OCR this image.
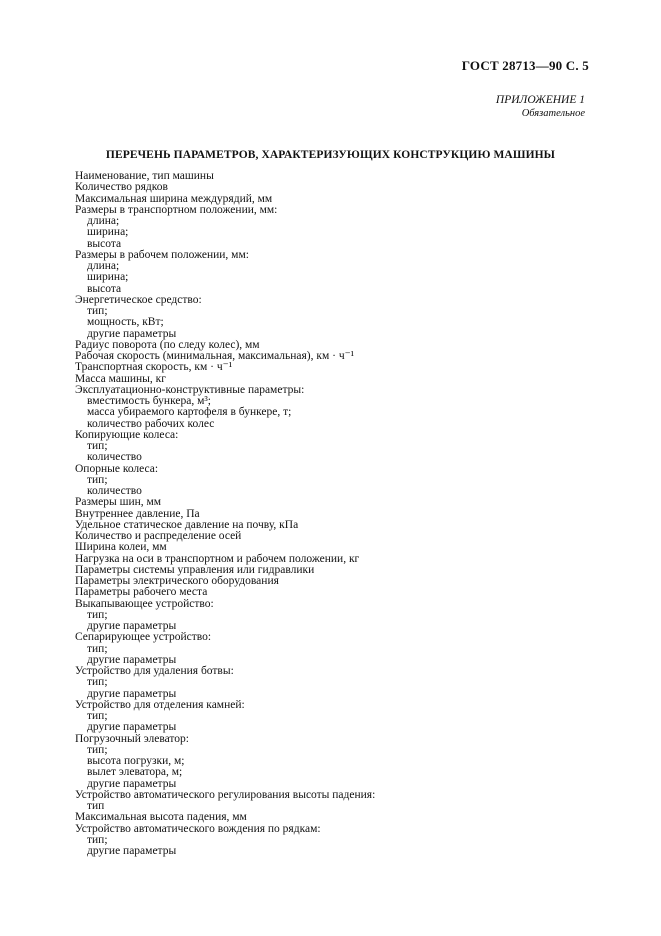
ГОСТ 28713—90 С. 5
ПРИЛОЖЕНИЕ 1
Обязательное
ПЕРЕЧЕНЬ ПАРАМЕТРОВ, ХАРАКТЕРИЗУЮЩИХ КОНСТРУКЦИЮ МАШИНЫ
Наименование, тип машины
Количество рядков
Максимальная ширина междурядий, мм
Размеры в транспортном положении, мм:
длина;
ширина;
высота
Размеры в рабочем положении, мм:
длина;
ширина;
высота
Энергетическое средство:
тип;
мощность, кВт;
другие параметры
Радиус поворота (по следу колес), мм
Рабочая скорость (минимальная, максимальная), км · ч⁻¹
Транспортная скорость, км · ч⁻¹
Масса машины, кг
Эксплуатационно-конструктивные параметры:
вместимость бункера, м³;
масса убираемого картофеля в бункере, т;
количество рабочих колес
Копирующие колеса:
тип;
количество
Опорные колеса:
тип;
количество
Размеры шин, мм
Внутреннее давление, Па
Удельное статическое давление на почву, кПа
Количество и распределение осей
Ширина колеи, мм
Нагрузка на оси в транспортном и рабочем положении, кг
Параметры системы управления или гидравлики
Параметры электрического оборудования
Параметры рабочего места
Выкапывающее устройство:
тип;
другие параметры
Сепарирующее устройство:
тип;
другие параметры
Устройство для удаления ботвы:
тип;
другие параметры
Устройство для отделения камней:
тип;
другие параметры
Погрузочный элеватор:
тип;
высота погрузки, м;
вылет элеватора, м;
другие параметры
Устройство автоматического регулирования высоты падения:
тип
Максимальная высота падения, мм
Устройство автоматического вождения по рядкам:
тип;
другие параметры
